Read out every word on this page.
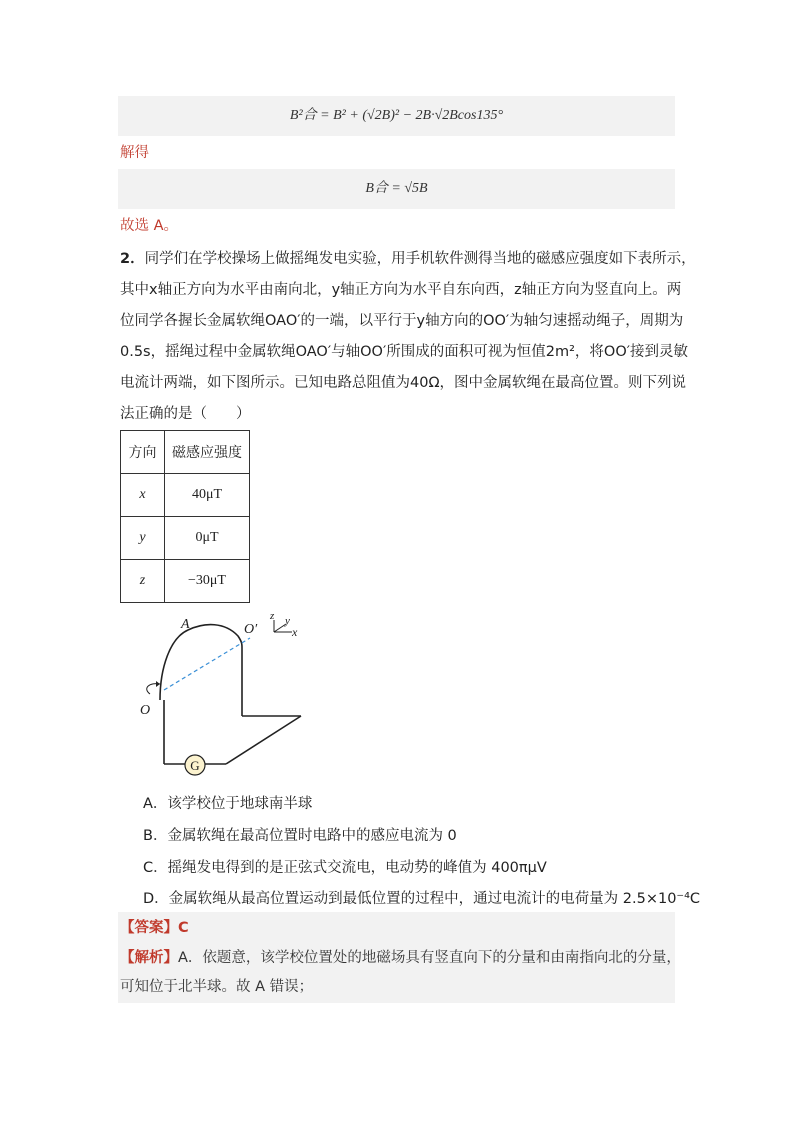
B²合 = B² + (√2B)² − 2B·√2Bcos135°
解得
B合 = √5B
故选 A。
2．同学们在学校操场上做摇绳发电实验，用手机软件测得当地的磁感应强度如下表所示，
其中x轴正方向为水平由南向北，y轴正方向为水平自东向西，z轴正方向为竖直向上。两
位同学各握长金属软绳OAO′的一端，以平行于y轴方向的OO′为轴匀速摇动绳子，周期为
0.5s，摇绳过程中金属软绳OAO′与轴OO′所围成的面积可视为恒值2m²，将OO′接到灵敏
电流计两端，如下图所示。已知电路总阻值为40Ω，图中金属软绳在最高位置。则下列说
法正确的是（　　）
方向	磁感应强度
x	40μT
y	0μT
z	−30μT
G
A	O′
O
z y
x
A．该学校位于地球南半球
B．金属软绳在最高位置时电路中的感应电流为 0
C．摇绳发电得到的是正弦式交流电，电动势的峰值为 400πμV
D．金属软绳从最高位置运动到最低位置的过程中，通过电流计的电荷量为 2.5×10⁻⁴C
【答案】C
【解析】A．依题意，该学校位置处的地磁场具有竖直向下的分量和由南指向北的分量，
可知位于北半球。故 A 错误；
